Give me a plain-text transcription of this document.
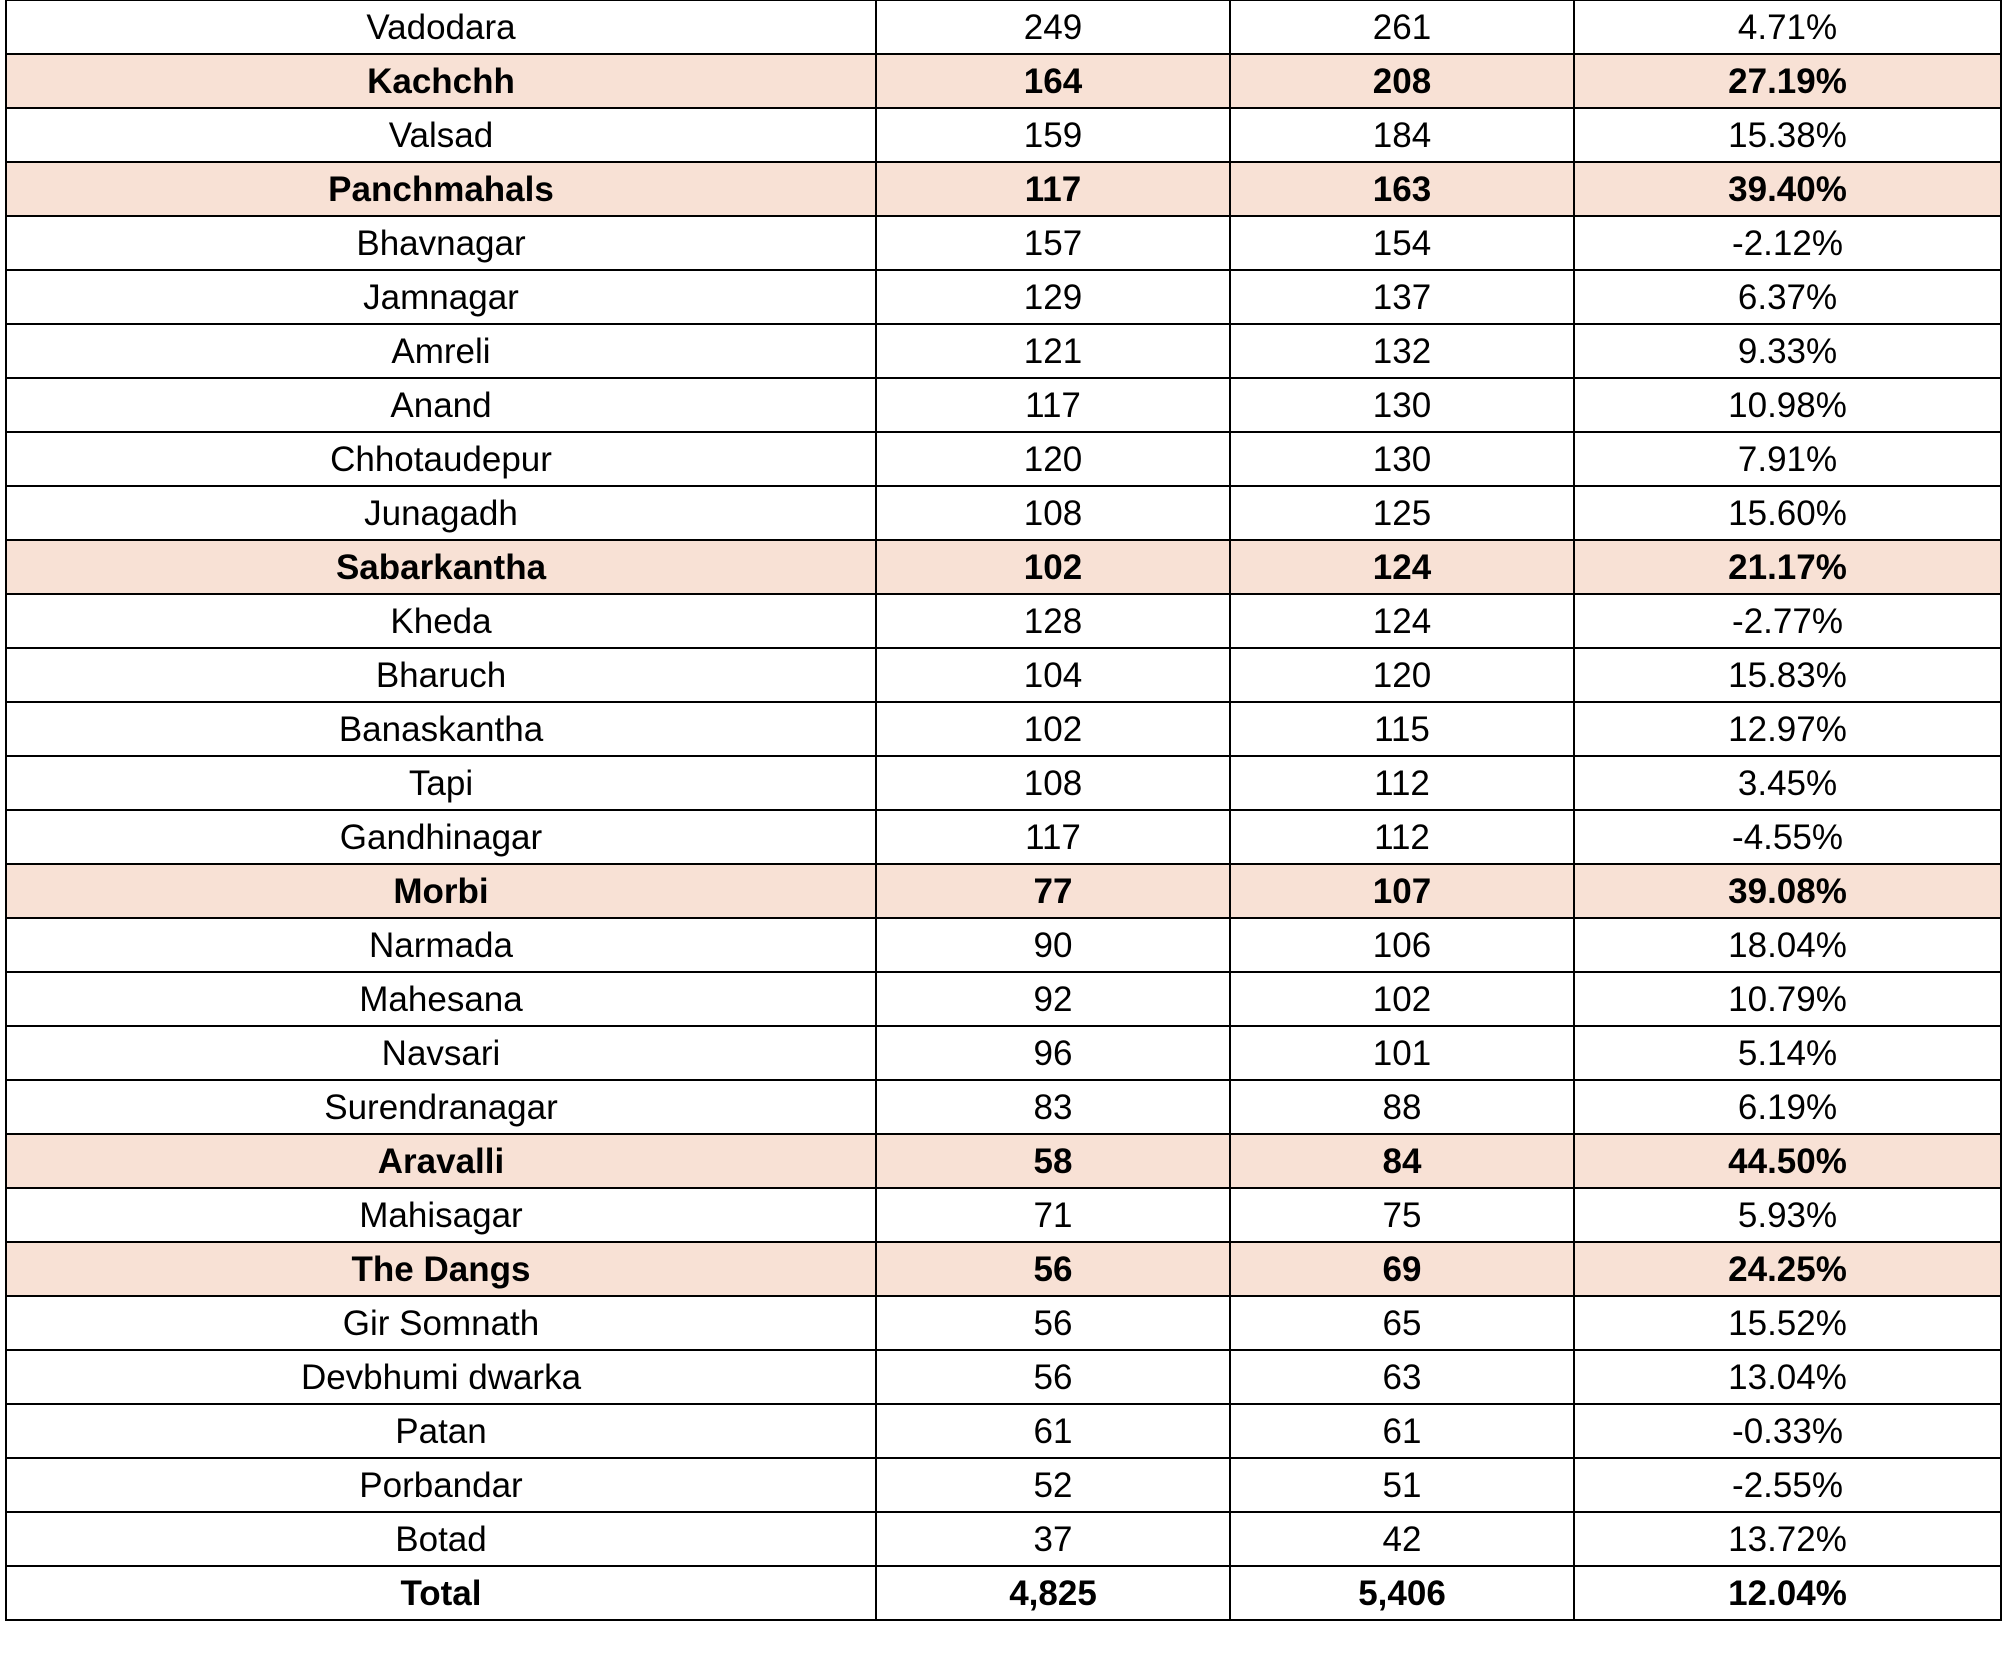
Vadodara	249	261	4.71%
Kachchh	164	208	27.19%
Valsad	159	184	15.38%
Panchmahals	117	163	39.40%
Bhavnagar	157	154	-2.12%
Jamnagar	129	137	6.37%
Amreli	121	132	9.33%
Anand	117	130	10.98%
Chhotaudepur	120	130	7.91%
Junagadh	108	125	15.60%
Sabarkantha	102	124	21.17%
Kheda	128	124	-2.77%
Bharuch	104	120	15.83%
Banaskantha	102	115	12.97%
Tapi	108	112	3.45%
Gandhinagar	117	112	-4.55%
Morbi	77	107	39.08%
Narmada	90	106	18.04%
Mahesana	92	102	10.79%
Navsari	96	101	5.14%
Surendranagar	83	88	6.19%
Aravalli	58	84	44.50%
Mahisagar	71	75	5.93%
The Dangs	56	69	24.25%
Gir Somnath	56	65	15.52%
Devbhumi dwarka	56	63	13.04%
Patan	61	61	-0.33%
Porbandar	52	51	-2.55%
Botad	37	42	13.72%
Total	4,825	5,406	12.04%
